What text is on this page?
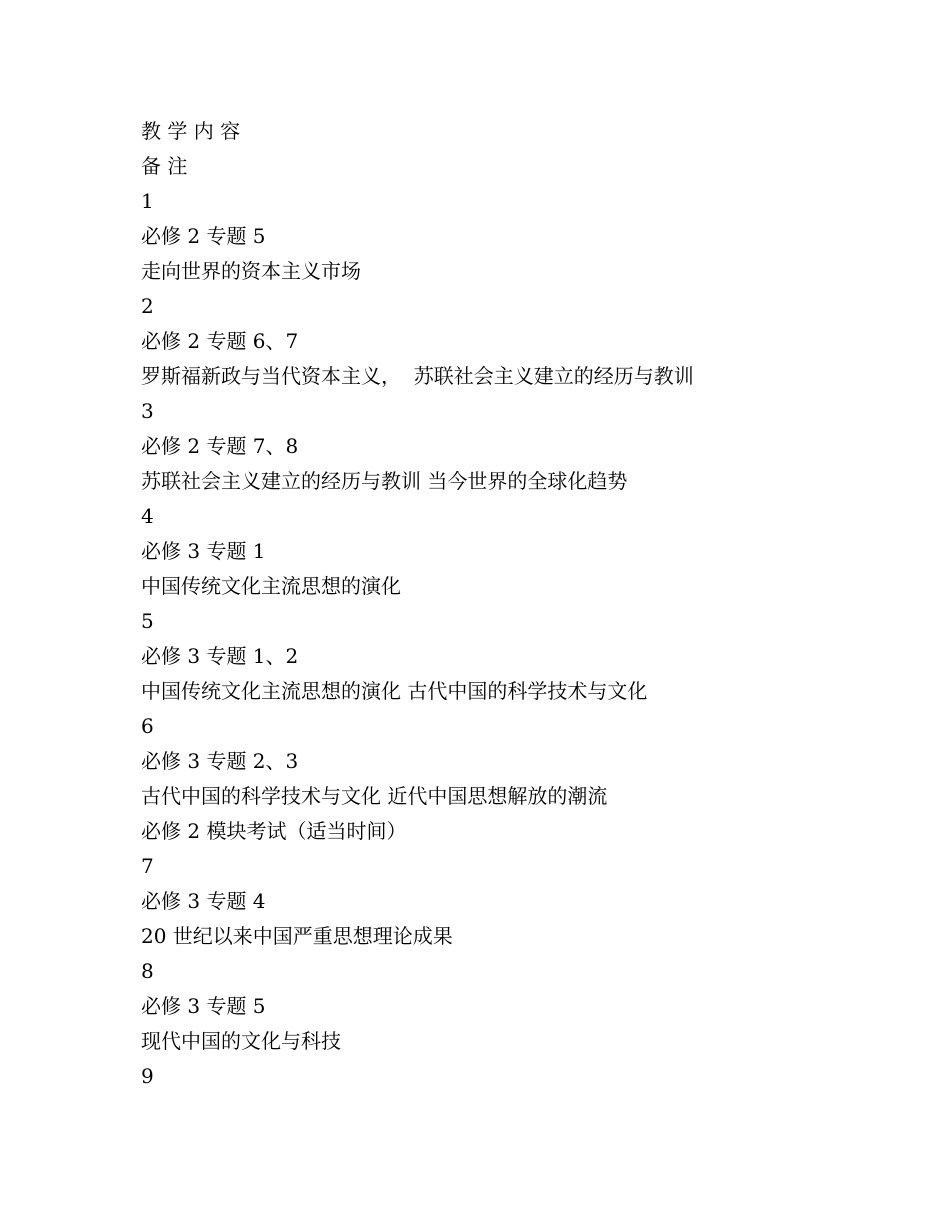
教 学 内 容
备 注
1
必修 2 专题 5
走向世界的资本主义市场
2
必修 2 专题 6、7
罗斯福新政与当代资本主义，  苏联社会主义建立的经历与教训
3
必修 2 专题 7、8
苏联社会主义建立的经历与教训 当今世界的全球化趋势
4
必修 3 专题 1
中国传统文化主流思想的演化
5
必修 3 专题 1、2
中国传统文化主流思想的演化 古代中国的科学技术与文化
6
必修 3 专题 2、3
古代中国的科学技术与文化 近代中国思想解放的潮流
必修 2 模块考试（适当时间）
7
必修 3 专题 4
20 世纪以来中国严重思想理论成果
8
必修 3 专题 5
现代中国的文化与科技
9
